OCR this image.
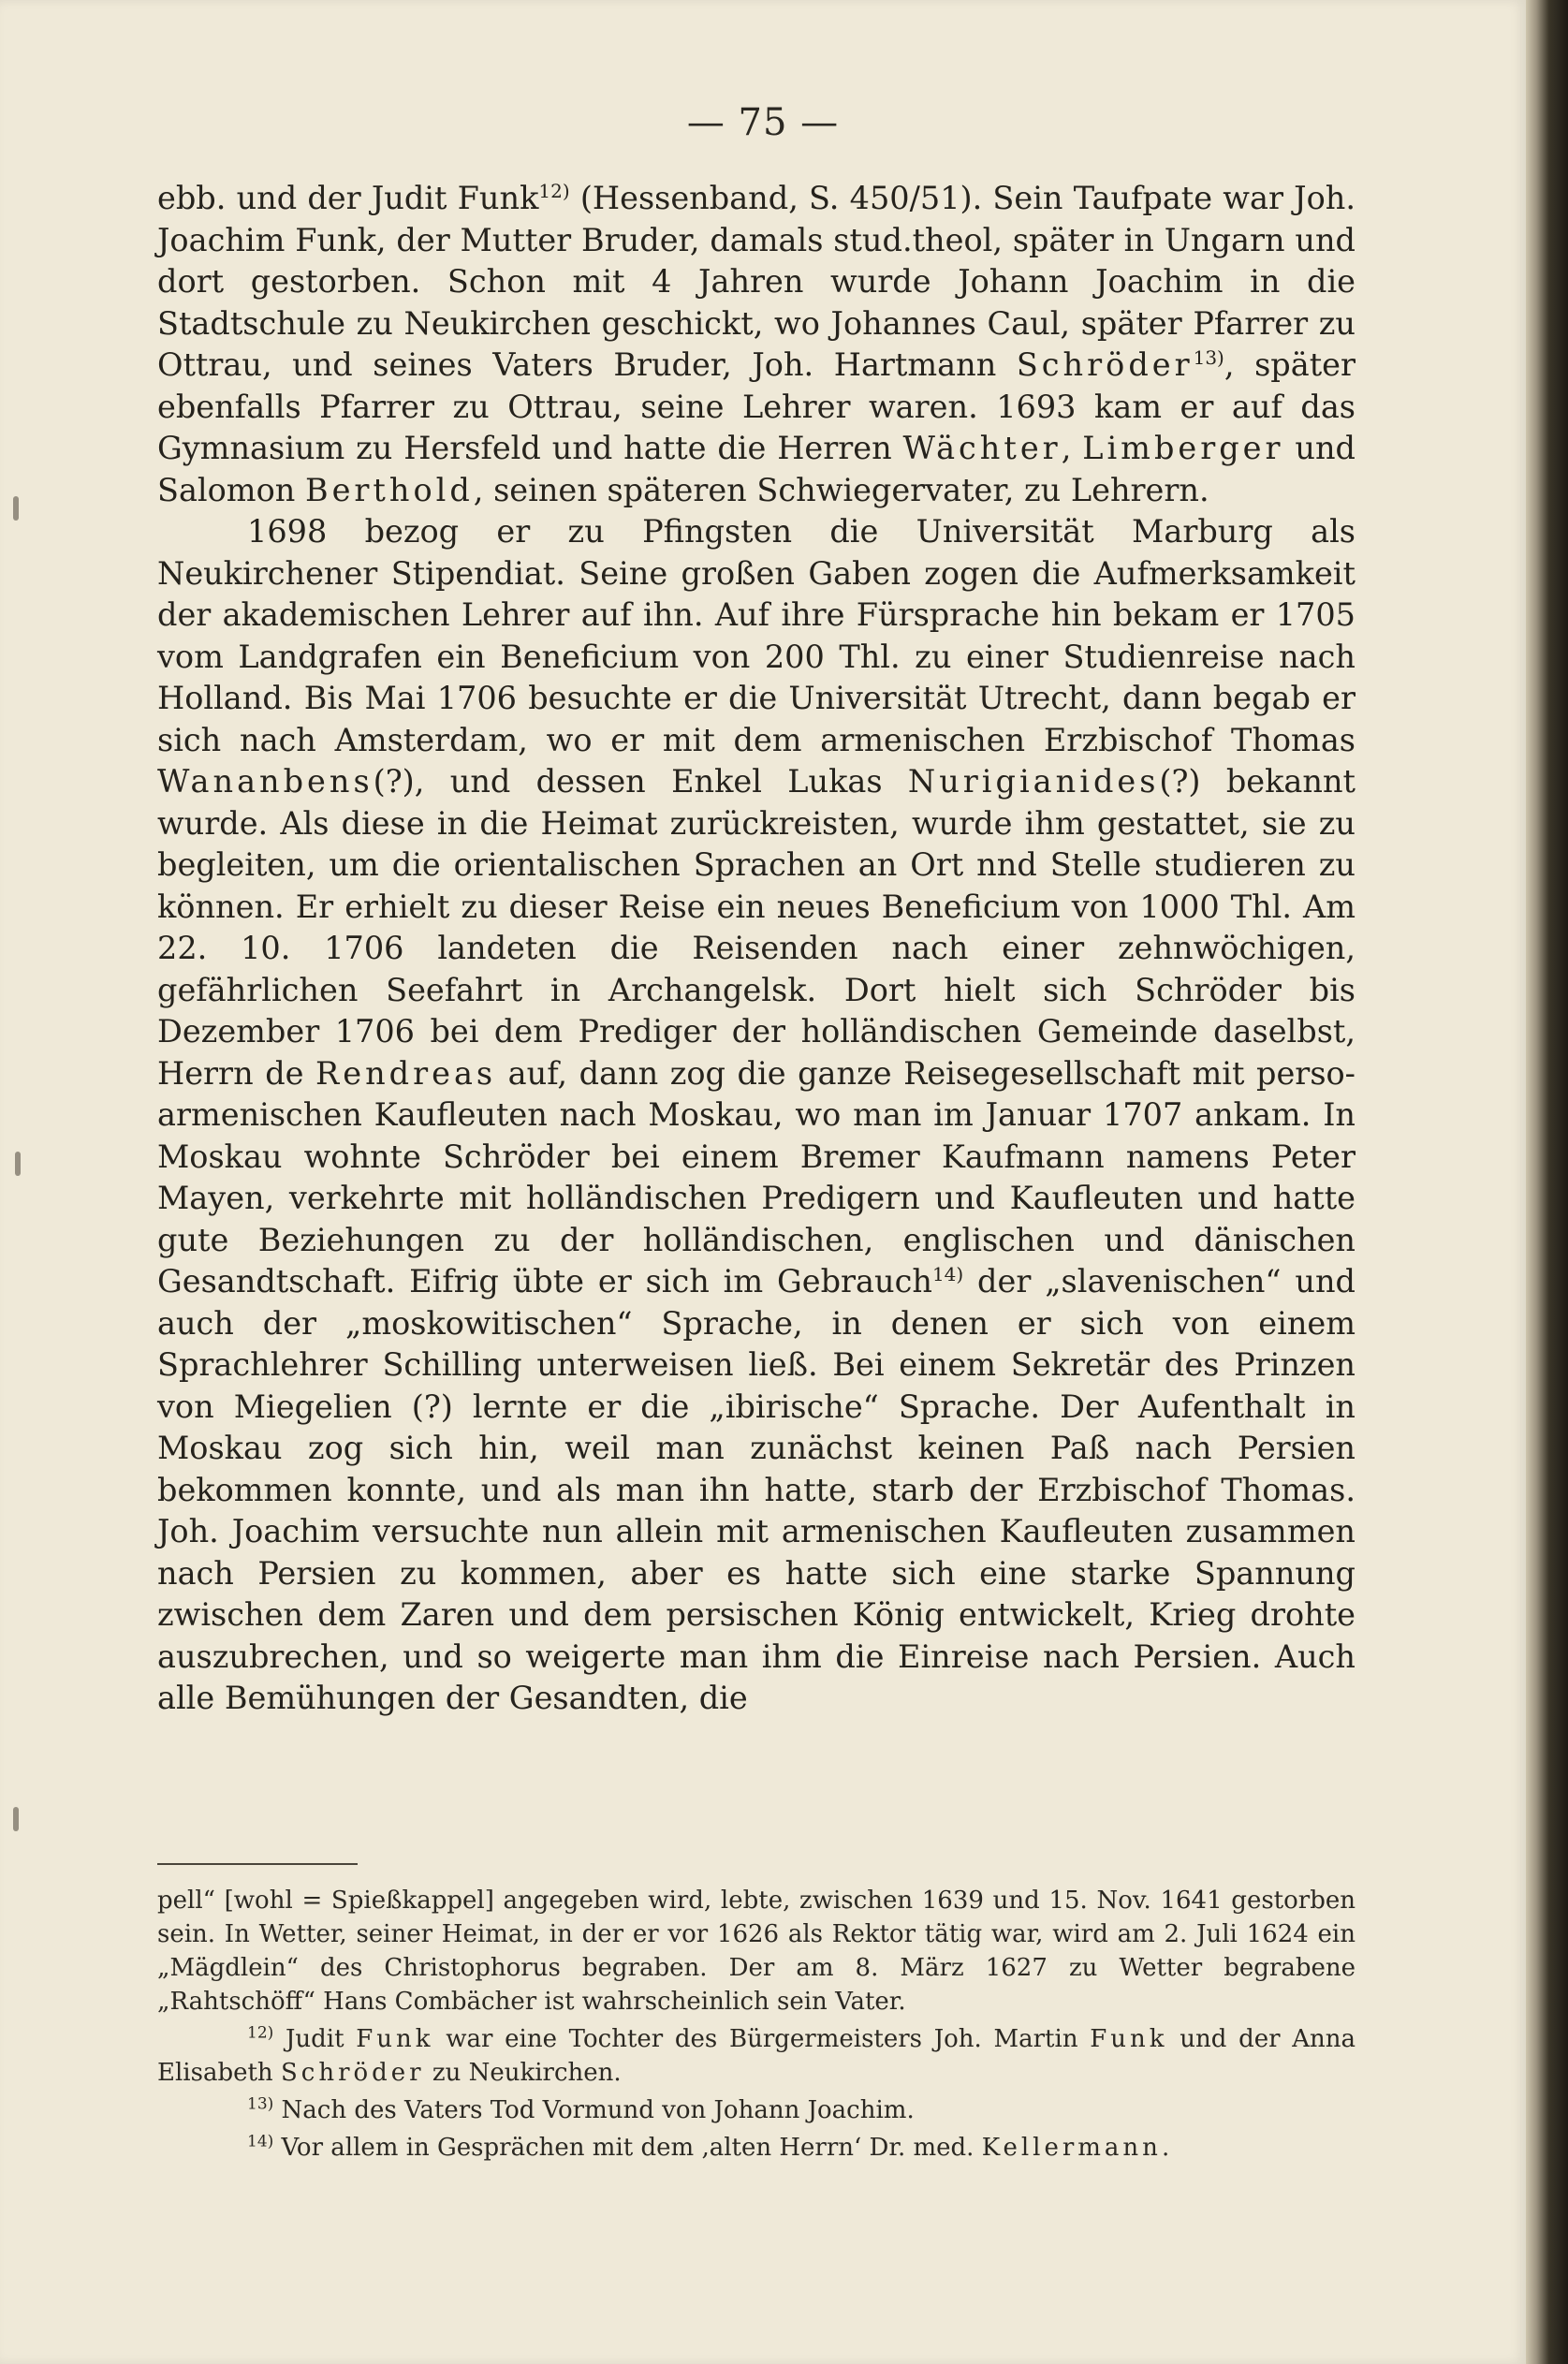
— 75 —

ebb. und der Judit Funk$^{12)}$ (Hessenband, S. 450/51). Sein Taufpate war Joh. Joachim Funk, der Mutter Bruder, damals stud.theol, später in Ungarn und dort gestorben. Schon mit 4 Jahren wurde Johann Joachim in die Stadtschule zu Neukirchen geschickt, wo Johannes Caul, später Pfarrer zu Ottrau, und seines Vaters Bruder, Joh. Hartmann Schröder$^{13)}$, später ebenfalls Pfarrer zu Ottrau, seine Lehrer waren. 1693 kam er auf das Gymnasium zu Hersfeld und hatte die Herren Wächter, Limberger und Salomon Berthold, seinen späteren Schwiegervater, zu Lehrern.

1698 bezog er zu Pfingsten die Universität Marburg als Neukirchener Stipendiat. Seine großen Gaben zogen die Aufmerksamkeit der akademischen Lehrer auf ihn. Auf ihre Fürsprache hin bekam er 1705 vom Landgrafen ein Beneficium von 200 Thl. zu einer Studienreise nach Holland. Bis Mai 1706 besuchte er die Universität Utrecht, dann begab er sich nach Amsterdam, wo er mit dem armenischen Erzbischof Thomas Wananbens(?), und dessen Enkel Lukas Nurigianides(?) bekannt wurde. Als diese in die Heimat zurückreisten, wurde ihm gestattet, sie zu begleiten, um die orientalischen Sprachen an Ort nnd Stelle studieren zu können. Er erhielt zu dieser Reise ein neues Beneficium von 1000 Thl. Am 22. 10. 1706 landeten die Reisenden nach einer zehnwöchigen, gefährlichen Seefahrt in Archangelsk. Dort hielt sich Schröder bis Dezember 1706 bei dem Prediger der holländischen Gemeinde daselbst, Herrn de Rendreas auf, dann zog die ganze Reisegesellschaft mit perso-armenischen Kaufleuten nach Moskau, wo man im Januar 1707 ankam. In Moskau wohnte Schröder bei einem Bremer Kaufmann namens Peter Mayen, verkehrte mit holländischen Predigern und Kaufleuten und hatte gute Beziehungen zu der holländischen, englischen und dänischen Gesandtschaft. Eifrig übte er sich im Gebrauch$^{14)}$ der „slavenischen“ und auch der „moskowitischen“ Sprache, in denen er sich von einem Sprachlehrer Schilling unterweisen ließ. Bei einem Sekretär des Prinzen von Miegelien (?) lernte er die „ibirische“ Sprache. Der Aufenthalt in Moskau zog sich hin, weil man zunächst keinen Paß nach Persien bekommen konnte, und als man ihn hatte, starb der Erzbischof Thomas. Joh. Joachim versuchte nun allein mit armenischen Kaufleuten zusammen nach Persien zu kommen, aber es hatte sich eine starke Spannung zwischen dem Zaren und dem persischen König entwickelt, Krieg drohte auszubrechen, und so weigerte man ihm die Einreise nach Persien. Auch alle Bemühungen der Gesandten, die

pell“ [wohl = Spießkappel] angegeben wird, lebte, zwischen 1639 und 15. Nov. 1641 gestorben sein. In Wetter, seiner Heimat, in der er vor 1626 als Rektor tätig war, wird am 2. Juli 1624 ein „Mägdlein“ des Christophorus begraben. Der am 8. März 1627 zu Wetter begrabene „Rahtschöff“ Hans Combächer ist wahrscheinlich sein Vater.

$^{12)}$ Judit Funk war eine Tochter des Bürgermeisters Joh. Martin Funk und der Anna Elisabeth Schröder zu Neukirchen.

$^{13)}$ Nach des Vaters Tod Vormund von Johann Joachim.

$^{14)}$ Vor allem in Gesprächen mit dem ‚alten Herrn‘ Dr. med. Kellermann.
